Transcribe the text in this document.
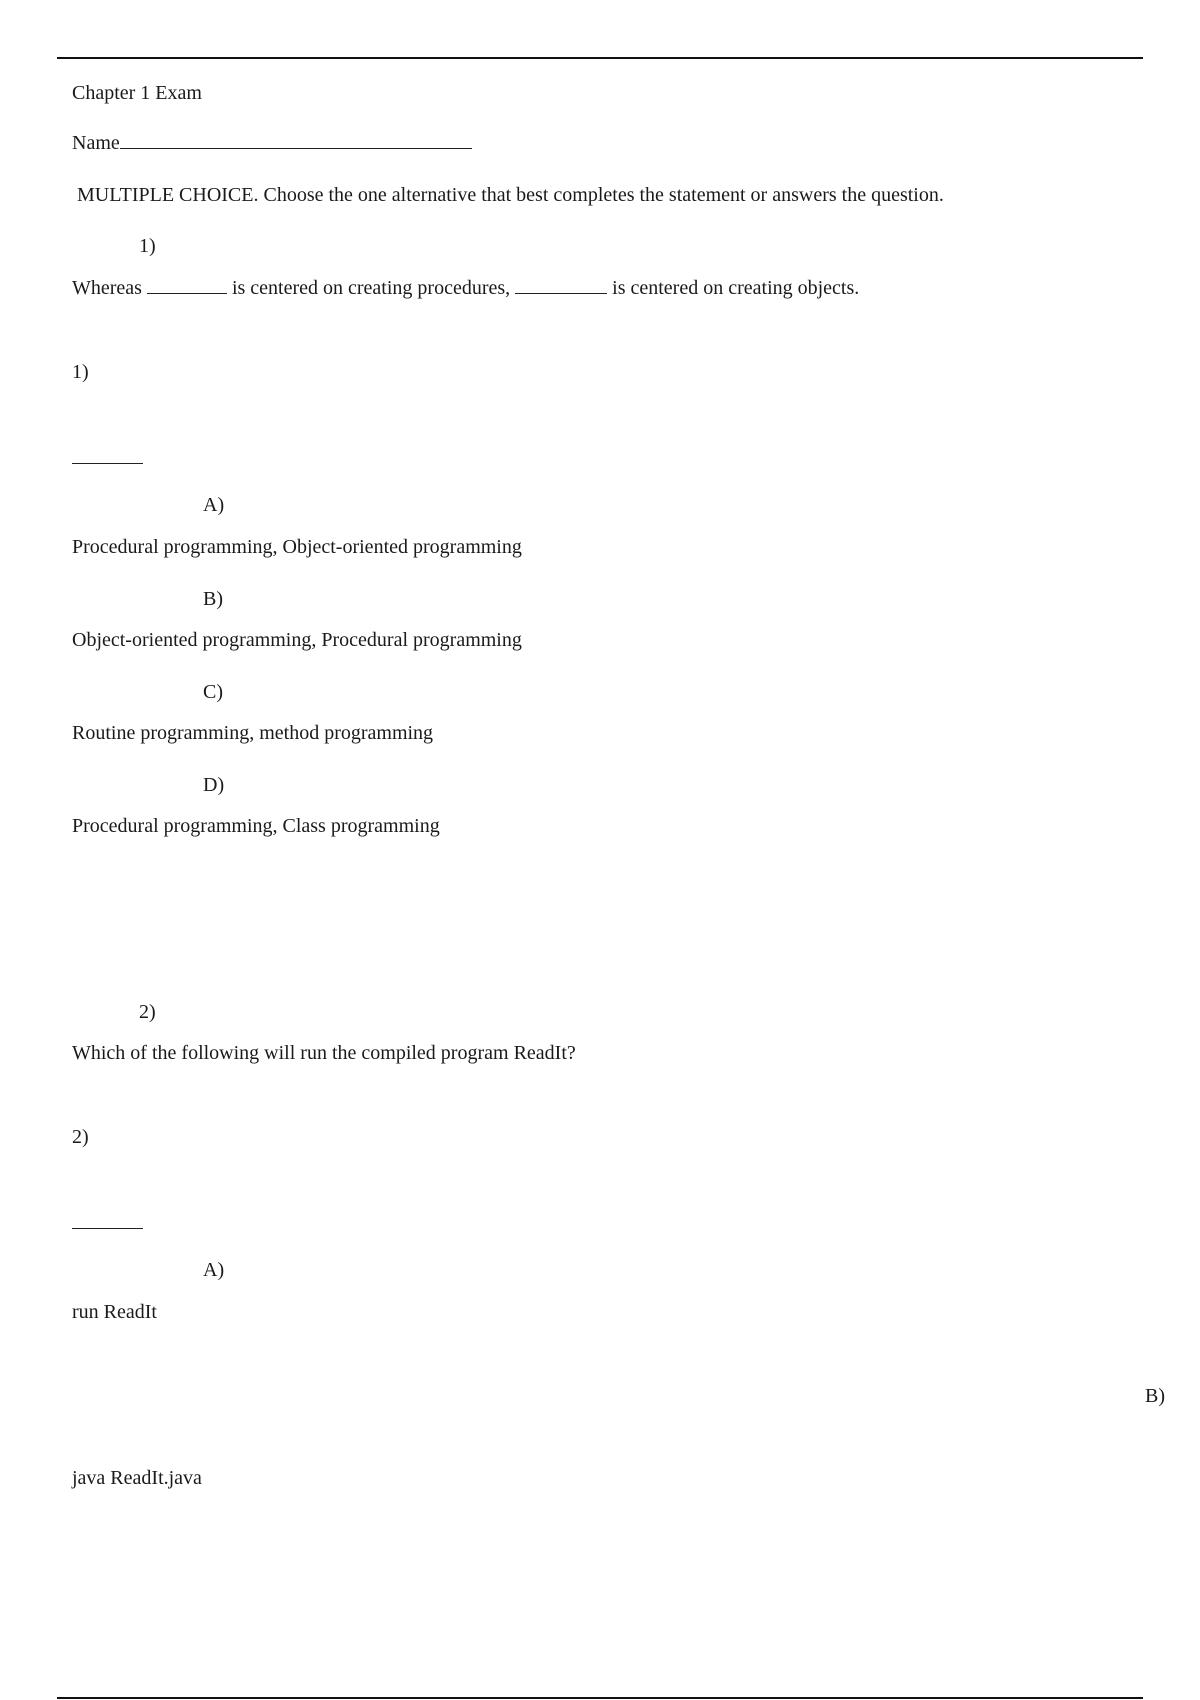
Chapter 1 Exam
Name
MULTIPLE CHOICE. Choose the one alternative that best completes the statement or answers the question.
1)
Whereas	is centered on creating procedures,	is centered on creating objects.
1)
A)
Procedural programming, Object-oriented programming
B)
Object-oriented programming, Procedural programming
C)
Routine programming, method programming
D)
Procedural programming, Class programming
2)
Which of the following will run the compiled program ReadIt?
2)
A)
run ReadIt
B)
java ReadIt.java
